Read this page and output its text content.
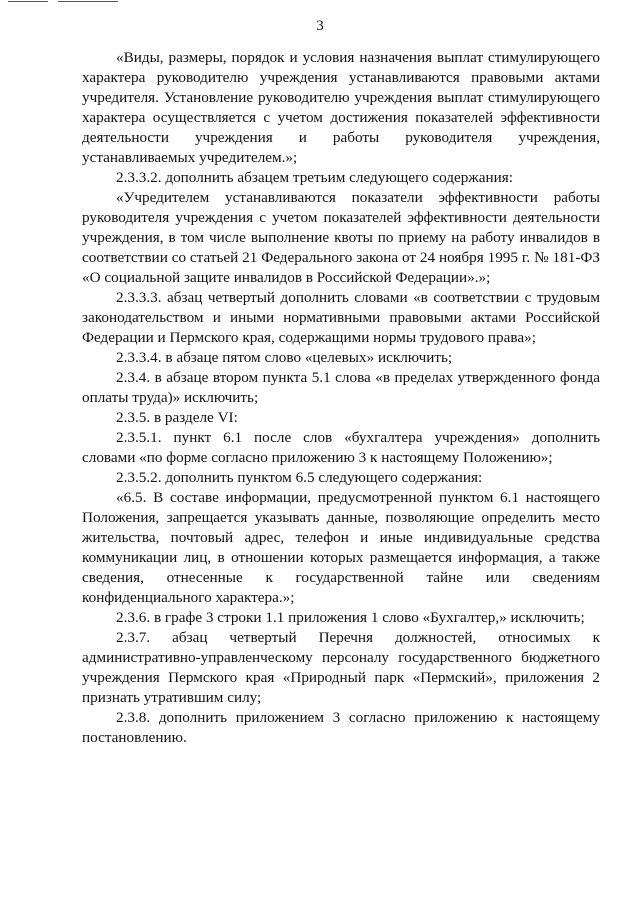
3

«Виды, размеры, порядок и условия назначения выплат стимулирующего характера руководителю учреждения устанавливаются правовыми актами учредителя. Установление руководителю учреждения выплат стимулирующего характера осуществляется с учетом достижения показателей эффективности деятельности учреждения и работы руководителя учреждения, устанавливаемых учредителем.»;

2.3.3.2. дополнить абзацем третьим следующего содержания:

«Учредителем устанавливаются показатели эффективности работы руководителя учреждения с учетом показателей эффективности деятельности учреждения, в том числе выполнение квоты по приему на работу инвалидов в соответствии со статьей 21 Федерального закона от 24 ноября 1995 г. № 181-ФЗ «О социальной защите инвалидов в Российской Федерации».»;

2.3.3.3. абзац четвертый дополнить словами «в соответствии с трудовым законодательством и иными нормативными правовыми актами Российской Федерации и Пермского края, содержащими нормы трудового права»;

2.3.3.4. в абзаце пятом слово «целевых» исключить;

2.3.4. в абзаце втором пункта 5.1 слова «в пределах утвержденного фонда оплаты труда)» исключить;

2.3.5. в разделе VI:

2.3.5.1. пункт 6.1 после слов «бухгалтера учреждения» дополнить словами «по форме согласно приложению 3 к настоящему Положению»;

2.3.5.2. дополнить пунктом 6.5 следующего содержания:

«6.5. В составе информации, предусмотренной пунктом 6.1 настоящего Положения, запрещается указывать данные, позволяющие определить место жительства, почтовый адрес, телефон и иные индивидуальные средства коммуникации лиц, в отношении которых размещается информация, а также сведения, отнесенные к государственной тайне или сведениям конфиденциального характера.»;

2.3.6. в графе 3 строки 1.1 приложения 1 слово «Бухгалтер,» исключить;

2.3.7. абзац четвертый Перечня должностей, относимых к административно-управленческому персоналу государственного бюджетного учреждения Пермского края «Природный парк «Пермский», приложения 2 признать утратившим силу;

2.3.8. дополнить приложением 3 согласно приложению к настоящему постановлению.
